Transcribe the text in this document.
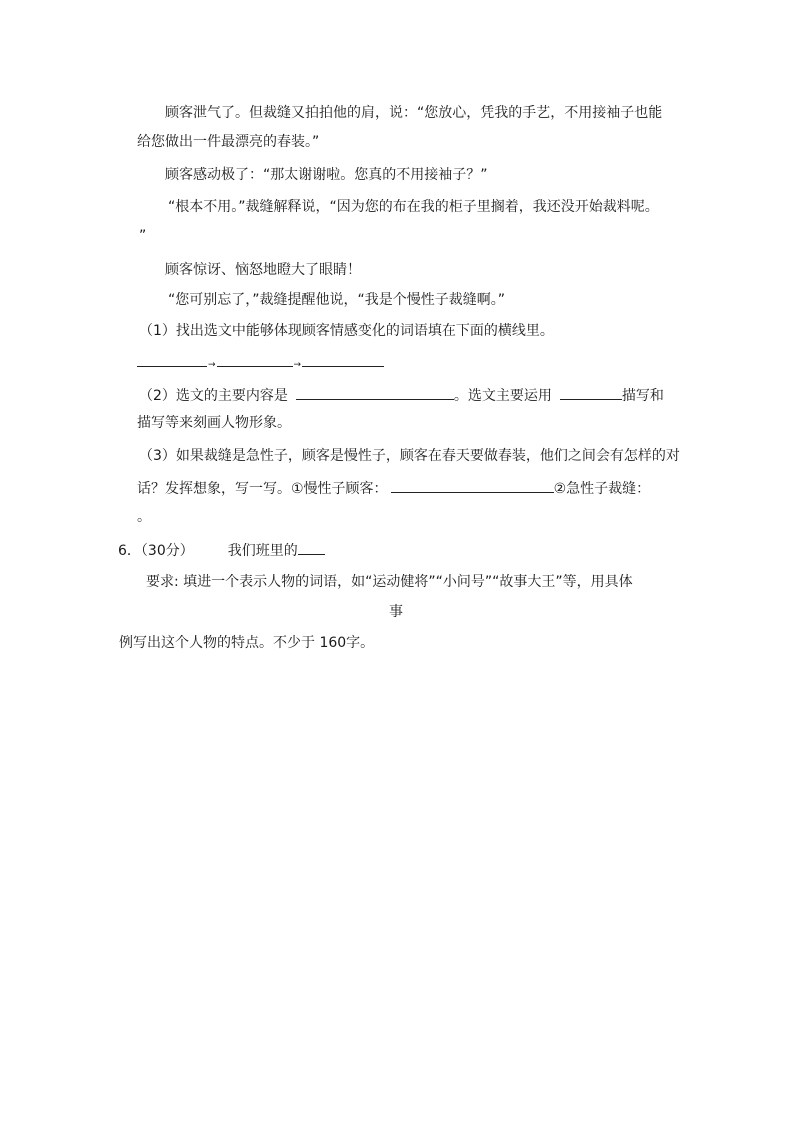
顾客泄气了。但裁缝又拍拍他的肩，说：“您放心，凭我的手艺，不用接袖子也能
给您做出一件最漂亮的春装。”
顾客感动极了：“那太谢谢啦。您真的不用接袖子？”
“根本不用。”裁缝解释说，“因为您的布在我的柜子里搁着，我还没开始裁料呢。
”
顾客惊讶、恼怒地瞪大了眼睛！
“您可别忘了，”裁缝提醒他说，“我是个慢性子裁缝啊。”
（1）找出选文中能够体现顾客情感变化的词语填在下面的横线里。
→	→
（2）选文的主要内容是	。选文主要运用	描写和
描写等来刻画人物形象。
（3）如果裁缝是急性子，顾客是慢性子，顾客在春天要做春装，他们之间会有怎样的对
话？发挥想象，写一写。①慢性子顾客：	②急性子裁缝：
。
6．（30分） 我们班里的
要求: 填进一个表示人物的词语，如“运动健将”“小问号”“故事大王”等，用具体
事
例写出这个人物的特点。不少于 160字。
